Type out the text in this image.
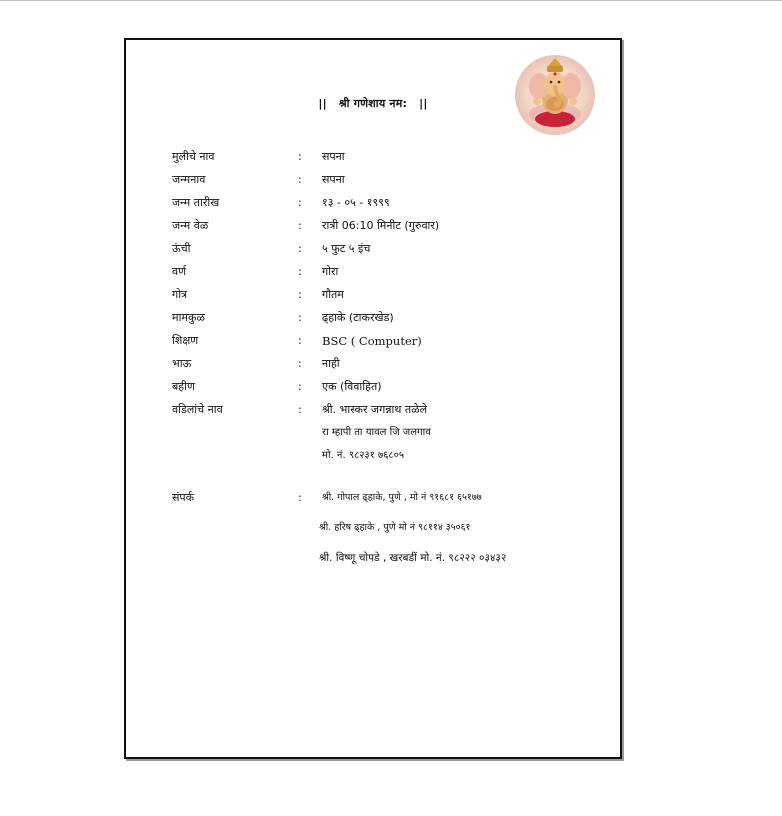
|| श्री गणेशाय नम: ||
मुलीचे नाव	:	सपना
जन्मनाव	:	सपना
जन्म तारीख	:	१३ - ०५ - १९९९
जन्म वेळ	:	रात्री 06:10 मिनीट (गुरुवार)
ऊंची	:	५ फुट ५ इंच
वर्ण	:	गोरा
गोत्र	:	गौतम
मामकुळ	:	ढ्हाके (टाकरखेड)
शिक्षण	:	BSC ( Computer)
भाऊ	:	नाही
बहीण	:	एक (विवाहित)
वडिलांचे नाव	:	श्री. भास्कर जगन्नाथ तळेले
रा म्हापी ता यावल जि जलगाव
मो. नं. ९८२३१ ७६८०५
संपर्क	:	श्री. गोपाल ढ्हाके, पुणे , मो नं ९१६८१ ६५१७७
श्री. हरिष ढ्हाके , पुणे मो नं ९८११४ ३५०६१
श्री. विष्णू चोपडे , खरबडीं मो. नं. ९८२२२ ०३४३२
